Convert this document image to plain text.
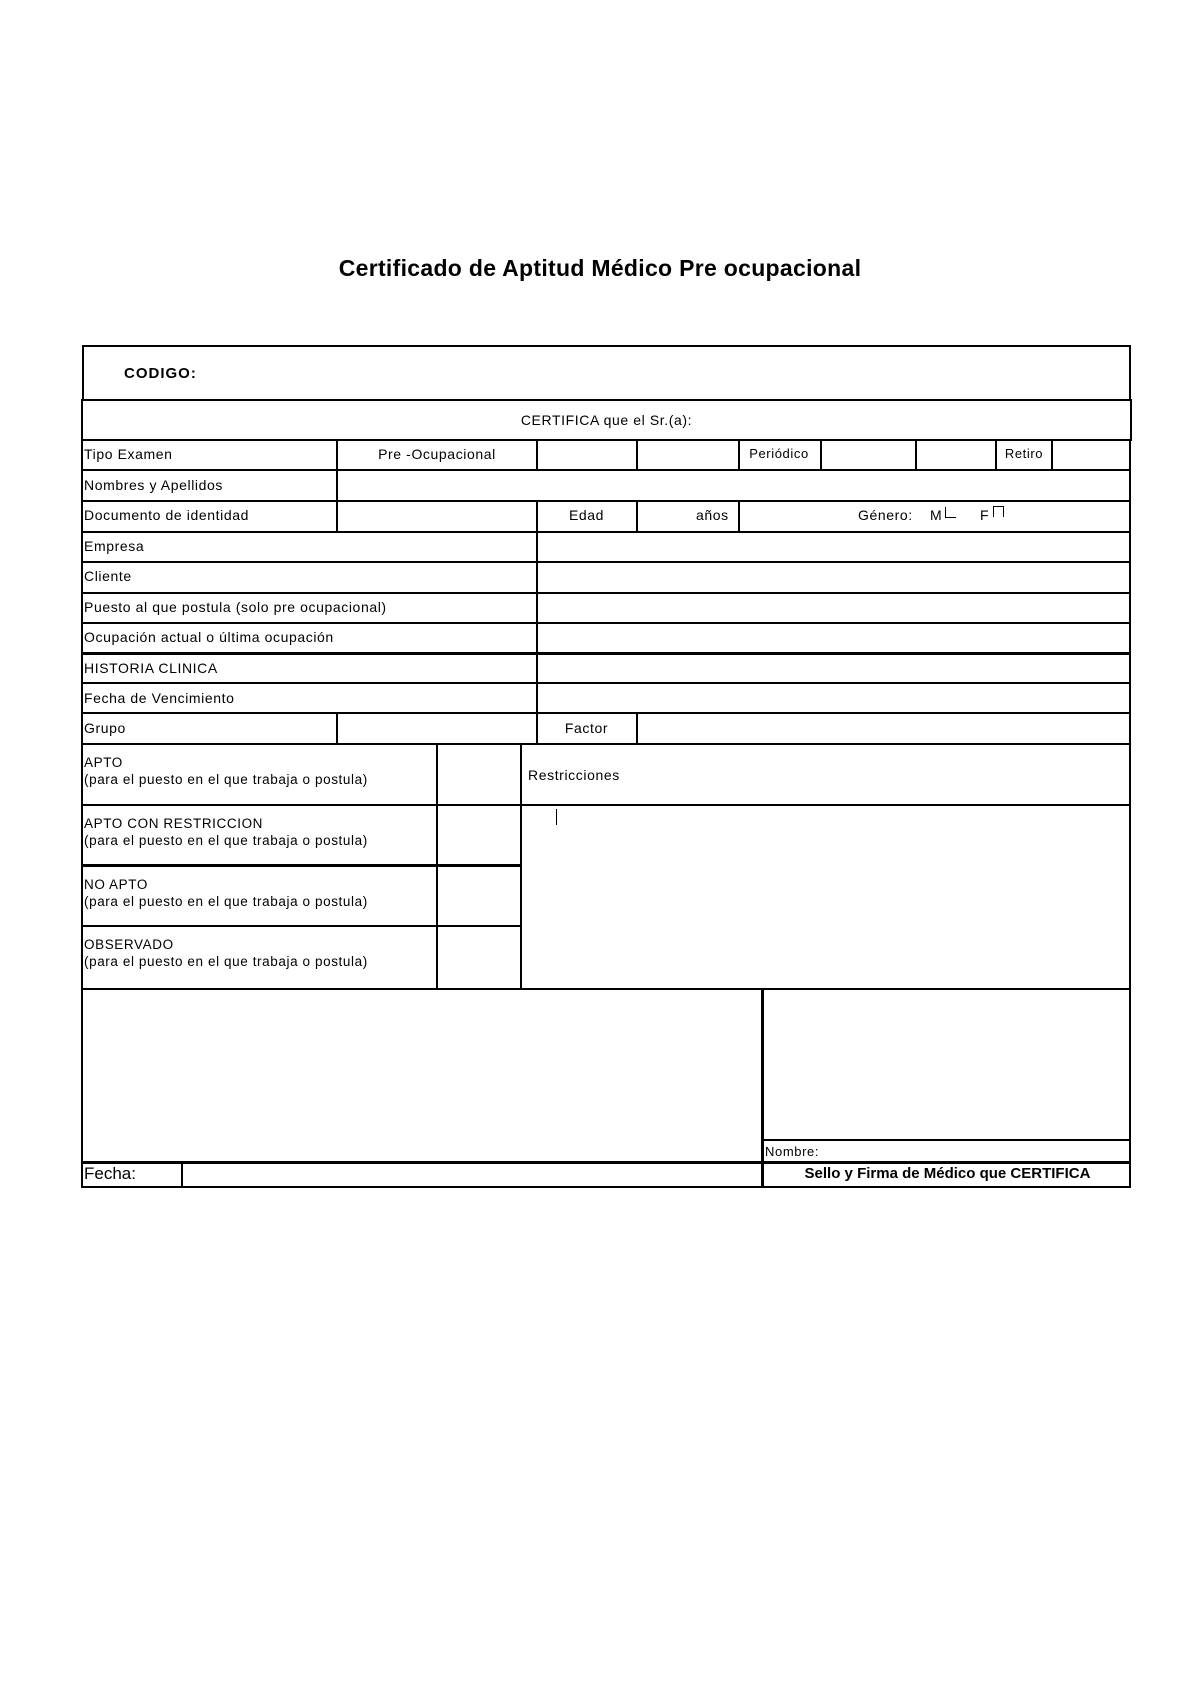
Certificado de Aptitud Médico Pre ocupacional
CODIGO:
CERTIFICA que el Sr.(a):
Tipo Examen	Pre -Ocupacional	Periódico	Retiro
Nombres y Apellidos
Documento de identidad	Edad	años	Género: M	F
Empresa
Cliente
Puesto al que postula (solo pre ocupacional)
Ocupación actual o última ocupación
HISTORIA CLINICA
Fecha de Vencimiento
Grupo	Factor
APTO
(para el puesto en el que trabaja o postula)
APTO CON RESTRICCION
(para el puesto en el que trabaja o postula)
NO APTO
(para el puesto en el que trabaja o postula)
OBSERVADO
(para el puesto en el que trabaja o postula)
Restricciones
Nombre:
Fecha:	Sello y Firma de Médico que CERTIFICA
